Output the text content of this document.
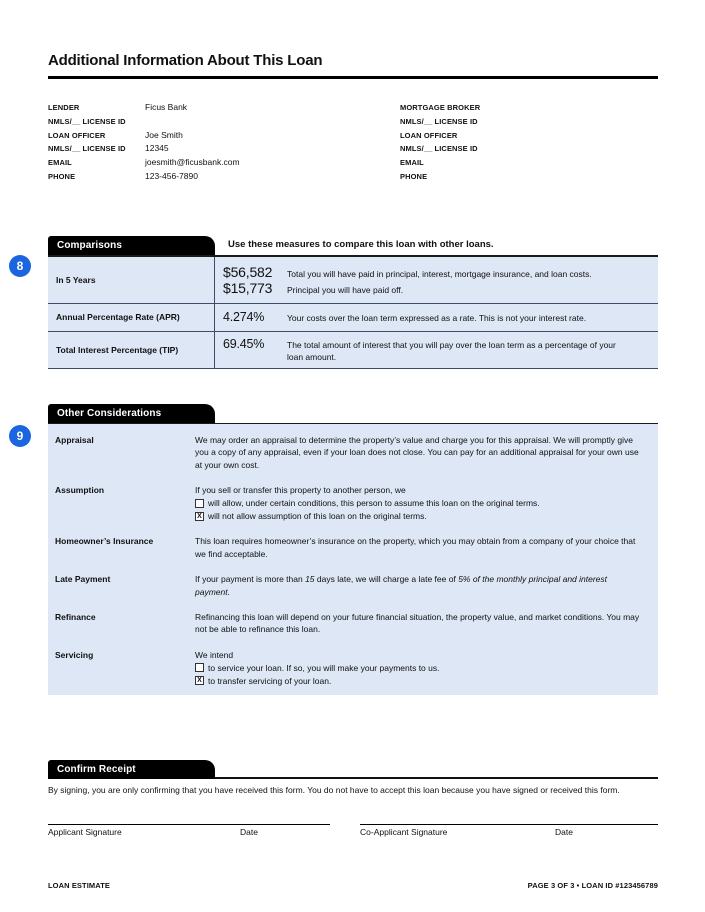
Additional Information About This Loan
LENDER	Ficus Bank
NMLS/__ LICENSE ID
LOAN OFFICER	Joe Smith
NMLS/__ LICENSE ID	12345
EMAIL	joesmith@ficusbank.com
PHONE	123-456-7890
MORTGAGE BROKER
NMLS/__ LICENSE ID
LOAN OFFICER
NMLS/__ LICENSE ID
EMAIL
PHONE
8
Comparisons	Use these measures to compare this loan with other loans.
In 5 Years
$56,582	Total you will have paid in principal, interest, mortgage insurance, and loan costs.
$15,773	Principal you will have paid off.
Annual Percentage Rate (APR)	4.274%	Your costs over the loan term expressed as a rate. This is not your interest rate.
Total Interest Percentage (TIP)	69.45%	The total amount of interest that you will pay over the loan term as a percentage of your loan amount.
9
Other Considerations
Appraisal	We may order an appraisal to determine the property’s value and charge you for this appraisal. We will promptly give you a copy of any appraisal, even if your loan does not close. You can pay for an additional appraisal for your own use at your own cost.
Assumption	If you sell or transfer this property to another person, we
will allow, under certain conditions, this person to assume this loan on the original terms.
X will not allow assumption of this loan on the original terms.
Homeowner’s Insurance	This loan requires homeowner’s insurance on the property, which you may obtain from a company of your choice that we find acceptable.
Late Payment	If your payment is more than 15 days late, we will charge a late fee of 5% of the monthly principal and interest payment.
Refinance	Refinancing this loan will depend on your future financial situation, the property value, and market conditions. You may not be able to refinance this loan.
Servicing	We intend
to service your loan. If so, you will make your payments to us.
X to transfer servicing of your loan.
Confirm Receipt

By signing, you are only confirming that you have received this form. You do not have to accept this loan because you have signed or received this form.

Applicant Signature	Date	Co-Applicant Signature	Date
LOAN ESTIMATE	PAGE 3 OF 3 • LOAN ID #123456789
